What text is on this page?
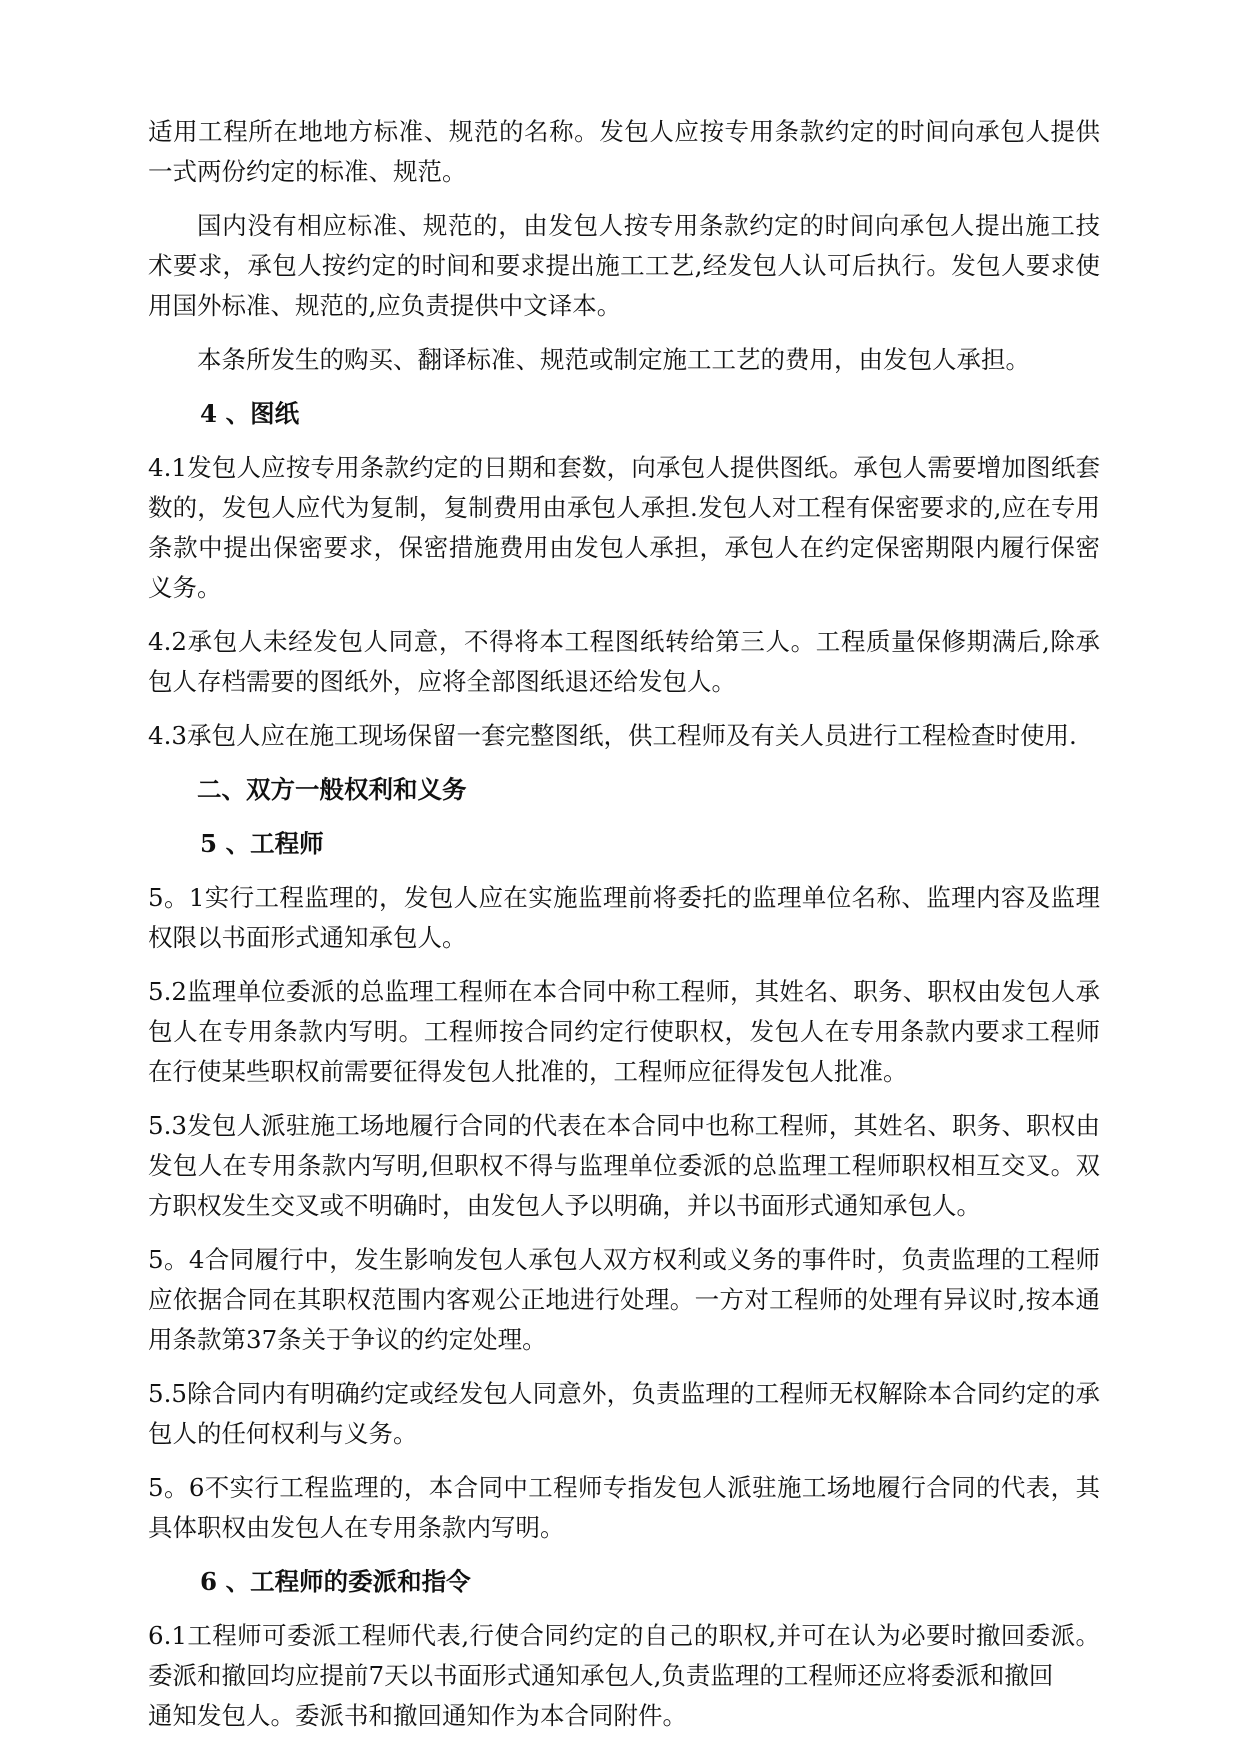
适用工程所在地地方标准、规范的名称。发包人应按专用条款约定的时间向承包人提供一式两份约定的标准、规范。

国内没有相应标准、规范的，由发包人按专用条款约定的时间向承包人提出施工技术要求，承包人按约定的时间和要求提出施工工艺,经发包人认可后执行。发包人要求使用国外标准、规范的,应负责提供中文译本。

本条所发生的购买、翻译标准、规范或制定施工工艺的费用，由发包人承担。

4 、图纸

4.1发包人应按专用条款约定的日期和套数，向承包人提供图纸。承包人需要增加图纸套数的，发包人应代为复制，复制费用由承包人承担.发包人对工程有保密要求的,应在专用条款中提出保密要求，保密措施费用由发包人承担，承包人在约定保密期限内履行保密义务。

4.2承包人未经发包人同意，不得将本工程图纸转给第三人。工程质量保修期满后,除承包人存档需要的图纸外，应将全部图纸退还给发包人。

4.3承包人应在施工现场保留一套完整图纸，供工程师及有关人员进行工程检查时使用.

二、双方一般权利和义务
5 、工程师

5。1实行工程监理的，发包人应在实施监理前将委托的监理单位名称、监理内容及监理权限以书面形式通知承包人。

5.2监理单位委派的总监理工程师在本合同中称工程师，其姓名、职务、职权由发包人承包人在专用条款内写明。工程师按合同约定行使职权，发包人在专用条款内要求工程师在行使某些职权前需要征得发包人批准的，工程师应征得发包人批准。

5.3发包人派驻施工场地履行合同的代表在本合同中也称工程师，其姓名、职务、职权由发包人在专用条款内写明,但职权不得与监理单位委派的总监理工程师职权相互交叉。双方职权发生交叉或不明确时，由发包人予以明确，并以书面形式通知承包人。

5。4合同履行中，发生影响发包人承包人双方权利或义务的事件时，负责监理的工程师应依据合同在其职权范围内客观公正地进行处理。一方对工程师的处理有异议时,按本通用条款第37条关于争议的约定处理。

5.5除合同内有明确约定或经发包人同意外，负责监理的工程师无权解除本合同约定的承包人的任何权利与义务。

5。6不实行工程监理的，本合同中工程师专指发包人派驻施工场地履行合同的代表，其具体职权由发包人在专用条款内写明。

6 、工程师的委派和指令

6.1工程师可委派工程师代表,行使合同约定的自己的职权,并可在认为必要时撤回委派。委派和撤回均应提前7天以书面形式通知承包人,负责监理的工程师还应将委派和撤回
通知发包人。委派书和撤回通知作为本合同附件。
